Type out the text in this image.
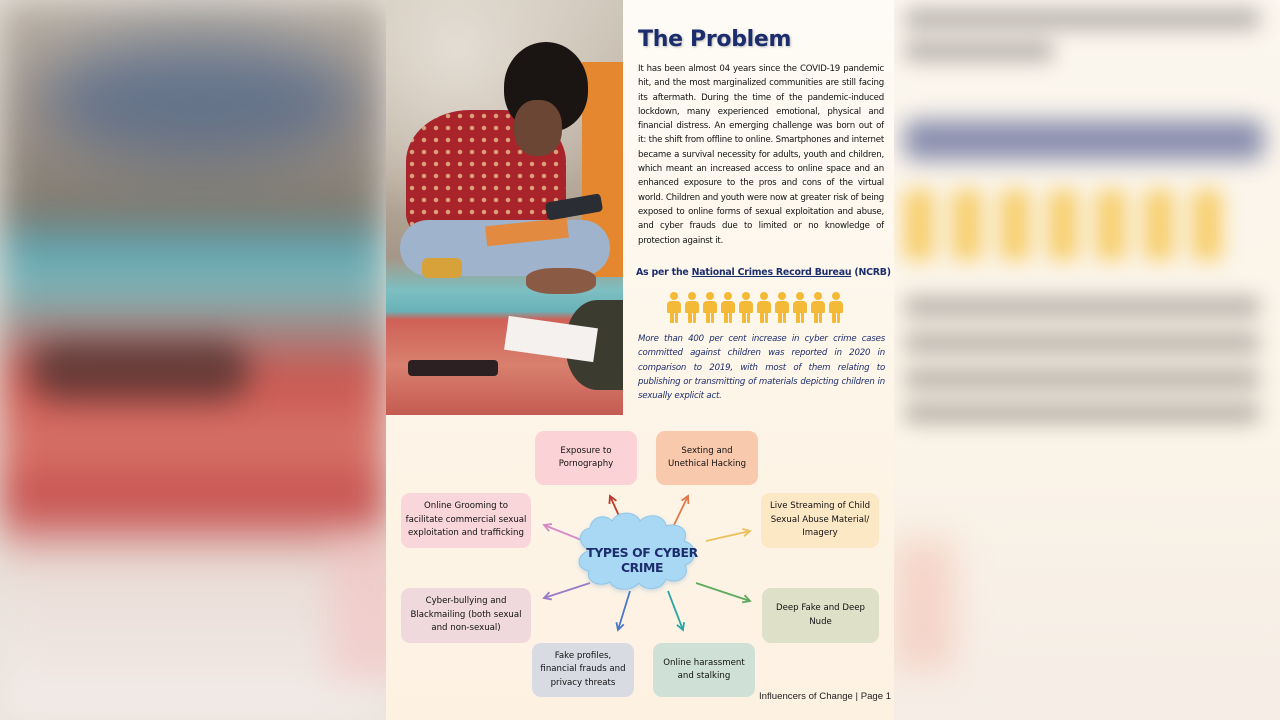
The Problem

It has been almost 04 years since the COVID-19 pandemic hit, and the most marginalized communities are still facing its aftermath. During the time of the pandemic-induced lockdown, many experienced emotional, physical and financial distress. An emerging challenge was born out of it: the shift from offline to online. Smartphones and internet became a survival necessity for adults, youth and children, which meant an increased access to online space and an enhanced exposure to the pros and cons of the virtual world. Children and youth were now at greater risk of being exposed to online forms of sexual exploitation and abuse, and cyber frauds due to limited or no knowledge of protection against it.

As per the National Crimes Record Bureau (NCRB)

More than 400 per cent increase in cyber crime cases committed against children was reported in 2020 in comparison to 2019, with most of them relating to publishing or transmitting of materials depicting children in sexually explicit act.

TYPES OF CYBER CRIME
Exposure to Pornography
Sexting and Unethical Hacking
Live Streaming of Child Sexual Abuse Material/ Imagery
Deep Fake and Deep Nude
Online harassment and stalking
Fake profiles, financial frauds and privacy threats
Cyber-bullying and Blackmailing (both sexual and non-sexual)
Online Grooming to facilitate commercial sexual exploitation and trafficking
Influencers of Change | Page 1
